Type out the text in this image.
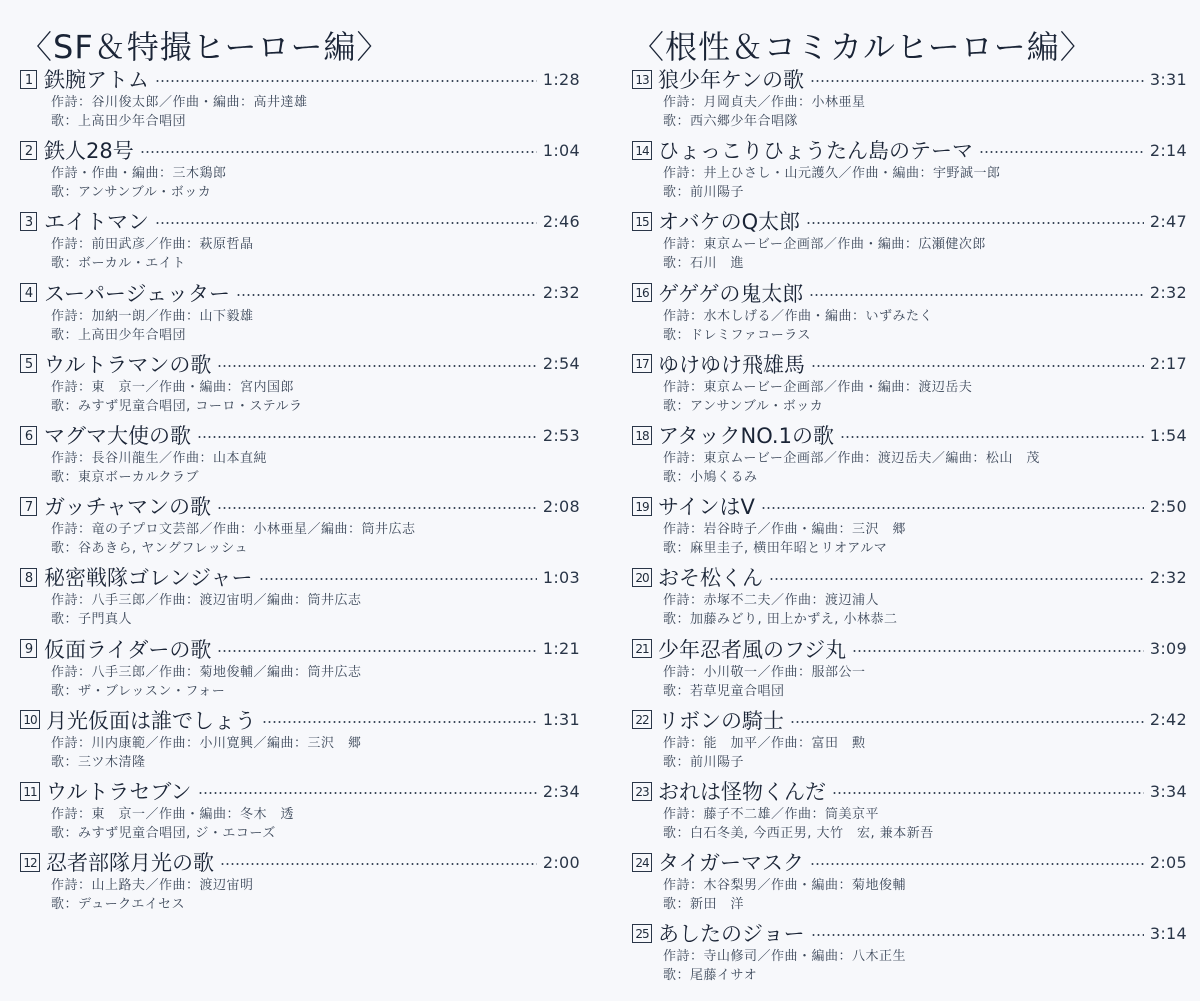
〈SF＆特撮ヒーロー編〉
1 鉄腕アトム	1:28
作詩：谷川俊太郎／作曲・編曲：高井達雄
歌：上高田少年合唱団
2 鉄人28号	1:04
作詩・作曲・編曲：三木鶏郎
歌：アンサンブル・ボッカ
3 エイトマン	2:46
作詩：前田武彦／作曲：萩原哲晶
歌：ボーカル・エイト
4 スーパージェッター	2:32
作詩：加納一朗／作曲：山下毅雄
歌：上高田少年合唱団
5 ウルトラマンの歌	2:54
作詩：東　京一／作曲・編曲：宮内国郎
歌：みすず児童合唱団, コーロ・ステルラ
6 マグマ大使の歌	2:53
作詩：長谷川龍生／作曲：山本直純
歌：東京ボーカルクラブ
7 ガッチャマンの歌	2:08
作詩：竜の子プロ文芸部／作曲：小林亜星／編曲：筒井広志
歌：谷あきら, ヤングフレッシュ
8 秘密戦隊ゴレンジャー	1:03
作詩：八手三郎／作曲：渡辺宙明／編曲：筒井広志
歌：子門真人
9 仮面ライダーの歌	1:21
作詩：八手三郎／作曲：菊地俊輔／編曲：筒井広志
歌：ザ・ブレッスン・フォー
10 月光仮面は誰でしょう	1:31
作詩：川内康範／作曲：小川寛興／編曲：三沢　郷
歌：三ツ木清隆
11 ウルトラセブン	2:34
作詩：東　京一／作曲・編曲：冬木　透
歌：みすず児童合唱団, ジ・エコーズ
12 忍者部隊月光の歌	2:00
作詩：山上路夫／作曲：渡辺宙明
歌：デュークエイセス
〈根性＆コミカルヒーロー編〉
13 狼少年ケンの歌	3:31
作詩：月岡貞夫／作曲：小林亜星
歌：西六郷少年合唱隊
14 ひょっこりひょうたん島のテーマ	2:14
作詩：井上ひさし・山元護久／作曲・編曲：宇野誠一郎
歌：前川陽子
15 オバケのQ太郎	2:47
作詩：東京ムービー企画部／作曲・編曲：広瀬健次郎
歌：石川　進
16 ゲゲゲの鬼太郎	2:32
作詩：水木しげる／作曲・編曲：いずみたく
歌：ドレミファコーラス
17 ゆけゆけ飛雄馬	2:17
作詩：東京ムービー企画部／作曲・編曲：渡辺岳夫
歌：アンサンブル・ボッカ
18 アタックNO.1の歌	1:54
作詩：東京ムービー企画部／作曲：渡辺岳夫／編曲：松山　茂
歌：小鳩くるみ
19 サインはV	2:50
作詩：岩谷時子／作曲・編曲：三沢　郷
歌：麻里圭子, 横田年昭とリオアルマ
20 おそ松くん	2:32
作詩：赤塚不二夫／作曲：渡辺浦人
歌：加藤みどり, 田上かずえ, 小林恭二
21 少年忍者風のフジ丸	3:09
作詩：小川敬一／作曲：服部公一
歌：若草児童合唱団
22 リボンの騎士	2:42
作詩：能　加平／作曲：富田　勲
歌：前川陽子
23 おれは怪物くんだ	3:34
作詩：藤子不二雄／作曲：筒美京平
歌：白石冬美, 今西正男, 大竹　宏, 兼本新吾
24 タイガーマスク	2:05
作詩：木谷梨男／作曲・編曲：菊地俊輔
歌：新田　洋
25 あしたのジョー	3:14
作詩：寺山修司／作曲・編曲：八木正生
歌：尾藤イサオ
